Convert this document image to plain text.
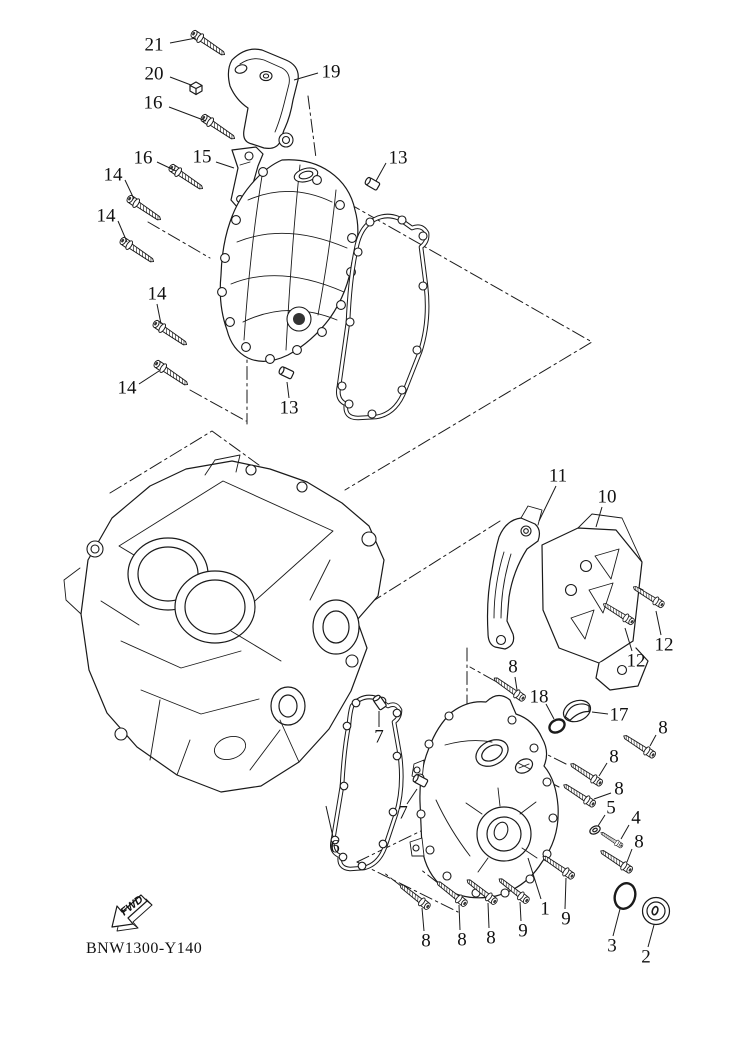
FWD
21
20
16
19
16 15
14
14
14
14
13
13
11
10
12
12
8
18
17
8
8
8
5 4
8
7
7
6
8 8 8 9
1 9
3
2
BNW1300-Y140
